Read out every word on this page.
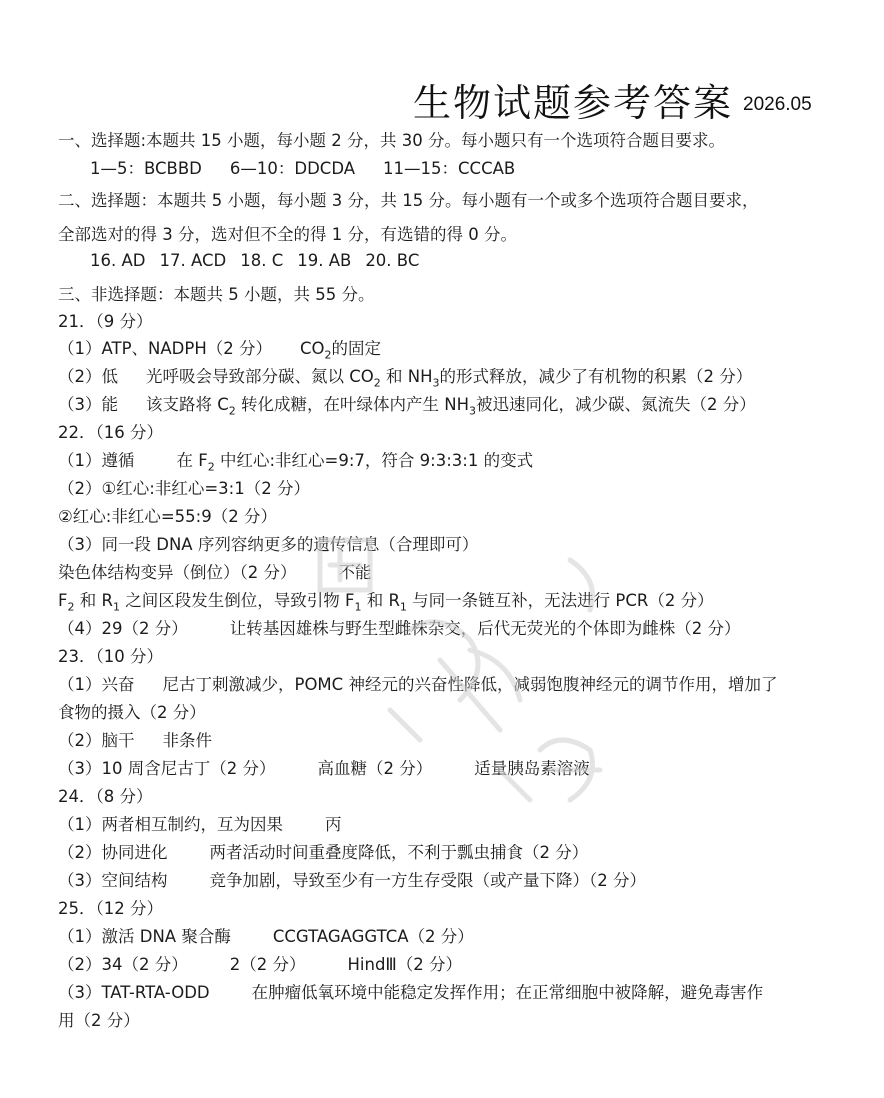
生物试题参考答案 2026.05
一、选择题:本题共 15 小题，每小题 2 分，共 30 分。每小题只有一个选项符合题目要求。
1—5：BCBBD 6—10：DDCDA 11—15：CCCAB
二、选择题：本题共 5 小题，每小题 3 分，共 15 分。每小题有一个或多个选项符合题目要求，
全部选对的得 3 分，选对但不全的得 1 分，有选错的得 0 分。
16. AD 17. ACD 18. C 19. AB 20. BC
三、非选择题：本题共 5 小题，共 55 分。
21．（9 分）
（1）ATP、NADPH（2 分） $CO_2$的固定
（2）低 光呼吸会导致部分碳、氮以 $CO_2$ 和 $NH_3$的形式释放，减少了有机物的积累（2 分）
（3）能 该支路将 $C_2$ 转化成糖，在叶绿体内产生 $NH_3$被迅速同化，减少碳、氮流失（2 分）
22．（16 分）
（1）遵循	在 $F_2$ 中红心:非红心=9:7，符合 9:3:3:1 的变式
（2）①红心:非红心=3:1（2 分）
②红心:非红心=55:9（2 分）
（3）同一段 DNA 序列容纳更多的遗传信息（合理即可）
染色体结构变异（倒位）（2 分）	不能
$F_2$ 和 $R_1$ 之间区段发生倒位，导致引物 $F_1$ 和 $R_1$ 与同一条链互补，无法进行 PCR（2 分）
（4）29（2 分）	让转基因雄株与野生型雌株杂交，后代无荧光的个体即为雌株（2 分）
23．（10 分）
（1）兴奋 尼古丁刺激减少，POMC 神经元的兴奋性降低，减弱饱腹神经元的调节作用，增加了
食物的摄入（2 分）
（2）脑干 非条件
（3）10 周含尼古丁（2 分）	高血糖（2 分）	适量胰岛素溶液
24．（8 分）
（1）两者相互制约，互为因果	丙
（2）协同进化	两者活动时间重叠度降低，不利于瓢虫捕食（2 分）
（3）空间结构	竞争加剧，导致至少有一方生存受限（或产量下降）（2 分）
25．（12 分）
（1）激活 DNA 聚合酶	CCGTAGAGGTCA（2 分）
（2）34（2 分）	2（2 分）	HindⅢ（2 分）
（3）TAT-RTA-ODD	在肿瘤低氧环境中能稳定发挥作用；在正常细胞中被降解，避免毒害作
用（2 分）
